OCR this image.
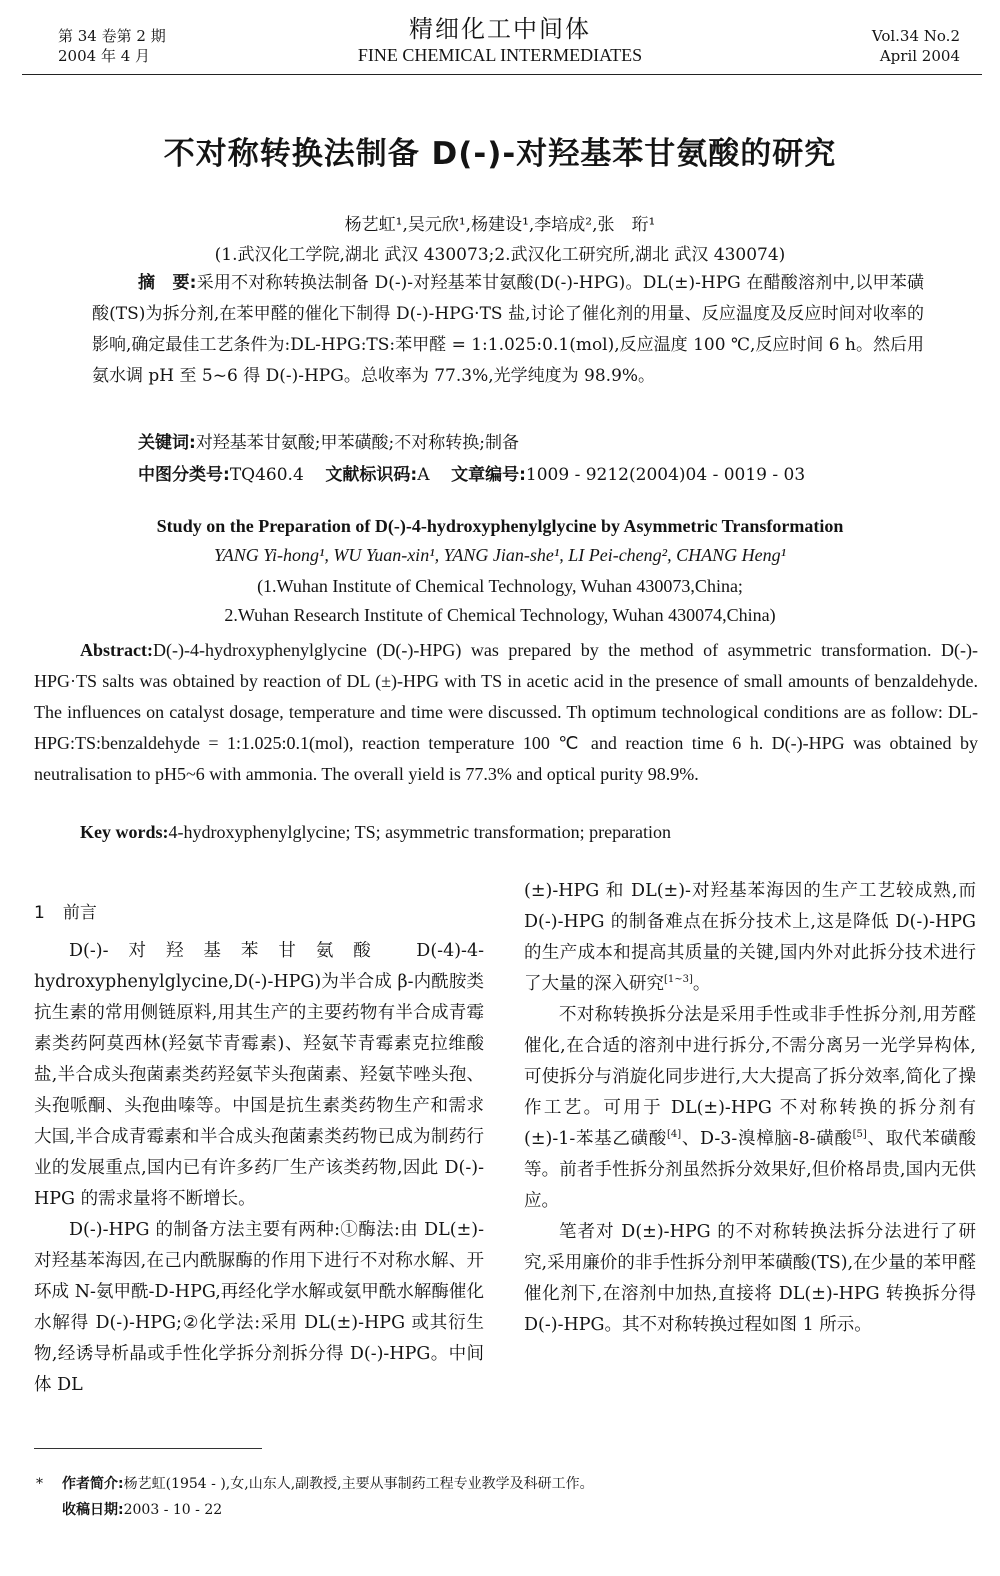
第 34 卷第 2 期
2004 年 4 月
精细化工中间体
FINE CHEMICAL INTERMEDIATES
Vol.34 No.2
April 2004
不对称转换法制备 D(-)-对羟基苯甘氨酸的研究
杨艺虹¹,吴元欣¹,杨建设¹,李培成²,张　珩¹
(1.武汉化工学院,湖北 武汉 430073;2.武汉化工研究所,湖北 武汉 430074)
摘　要:采用不对称转换法制备 D(-)-对羟基苯甘氨酸(D(-)-HPG)。DL(±)-HPG 在醋酸溶剂中,以甲苯磺酸(TS)为拆分剂,在苯甲醛的催化下制得 D(-)-HPG·TS 盐,讨论了催化剂的用量、反应温度及反应时间对收率的影响,确定最佳工艺条件为:DL-HPG:TS:苯甲醛 = 1:1.025:0.1(mol),反应温度 100 ℃,反应时间 6 h。然后用氨水调 pH 至 5~6 得 D(-)-HPG。总收率为 77.3%,光学纯度为 98.9%。
关键词:对羟基苯甘氨酸;甲苯磺酸;不对称转换;制备
中图分类号:TQ460.4 文献标识码:A 文章编号:1009 - 9212(2004)04 - 0019 - 03
Study on the Preparation of D(-)-4-hydroxyphenylglycine by Asymmetric Transformation
YANG Yi-hong¹, WU Yuan-xin¹, YANG Jian-she¹, LI Pei-cheng², CHANG Heng¹
(1.Wuhan Institute of Chemical Technology, Wuhan 430073,China;
2.Wuhan Research Institute of Chemical Technology, Wuhan 430074,China)
Abstract:D(-)-4-hydroxyphenylglycine (D(-)-HPG) was prepared by the method of asymmetric transformation. D(-)-HPG·TS salts was obtained by reaction of DL (±)-HPG with TS in acetic acid in the presence of small amounts of benzaldehyde. The influences on catalyst dosage, temperature and time were discussed. Th optimum technological conditions are as follow: DL-HPG:TS:benzaldehyde = 1:1.025:0.1(mol), reaction temperature 100 ℃ and reaction time 6 h. D(-)-HPG was obtained by neutralisation to pH5~6 with ammonia. The overall yield is 77.3% and optical purity 98.9%.
Key words:4-hydroxyphenylglycine; TS; asymmetric transformation; preparation
1 前言

D(-)-对羟基苯甘氨酸 D(-4)-4-hydroxyphenylglycine,D(-)-HPG)为半合成 β-内酰胺类抗生素的常用侧链原料,用其生产的主要药物有半合成青霉素类药阿莫西林(羟氨苄青霉素)、羟氨苄青霉素克拉维酸盐,半合成头孢菌素类药羟氨苄头孢菌素、羟氨苄唑头孢、头孢哌酮、头孢曲嗪等。中国是抗生素类药物生产和需求大国,半合成青霉素和半合成头孢菌素类药物已成为制药行业的发展重点,国内已有许多药厂生产该类药物,因此 D(-)-HPG 的需求量将不断增长。

D(-)-HPG 的制备方法主要有两种:①酶法:由 DL(±)-对羟基苯海因,在己内酰脲酶的作用下进行不对称水解、开环成 N-氨甲酰-D-HPG,再经化学水解或氨甲酰水解酶催化水解得 D(-)-HPG;②化学法:采用 DL(±)-HPG 或其衍生物,经诱导析晶或手性化学拆分剂拆分得 D(-)-HPG。中间体 DL

(±)-HPG 和 DL(±)-对羟基苯海因的生产工艺较成熟,而 D(-)-HPG 的制备难点在拆分技术上,这是降低 D(-)-HPG 的生产成本和提高其质量的关键,国内外对此拆分技术进行了大量的深入研究[1~3]。

不对称转换拆分法是采用手性或非手性拆分剂,用芳醛催化,在合适的溶剂中进行拆分,不需分离另一光学异构体,可使拆分与消旋化同步进行,大大提高了拆分效率,简化了操作工艺。可用于 DL(±)-HPG 不对称转换的拆分剂有(±)-1-苯基乙磺酸[4]、D-3-溴樟脑-8-磺酸[5]、取代苯磺酸等。前者手性拆分剂虽然拆分效果好,但价格昂贵,国内无供应。

笔者对 D(±)-HPG 的不对称转换法拆分法进行了研究,采用廉价的非手性拆分剂甲苯磺酸(TS),在少量的苯甲醛催化剂下,在溶剂中加热,直接将 DL(±)-HPG 转换拆分得 D(-)-HPG。其不对称转换过程如图 1 所示。

* 作者简介:杨艺虹(1954 - ),女,山东人,副教授,主要从事制药工程专业教学及科研工作。
收稿日期:2003 - 10 - 22
